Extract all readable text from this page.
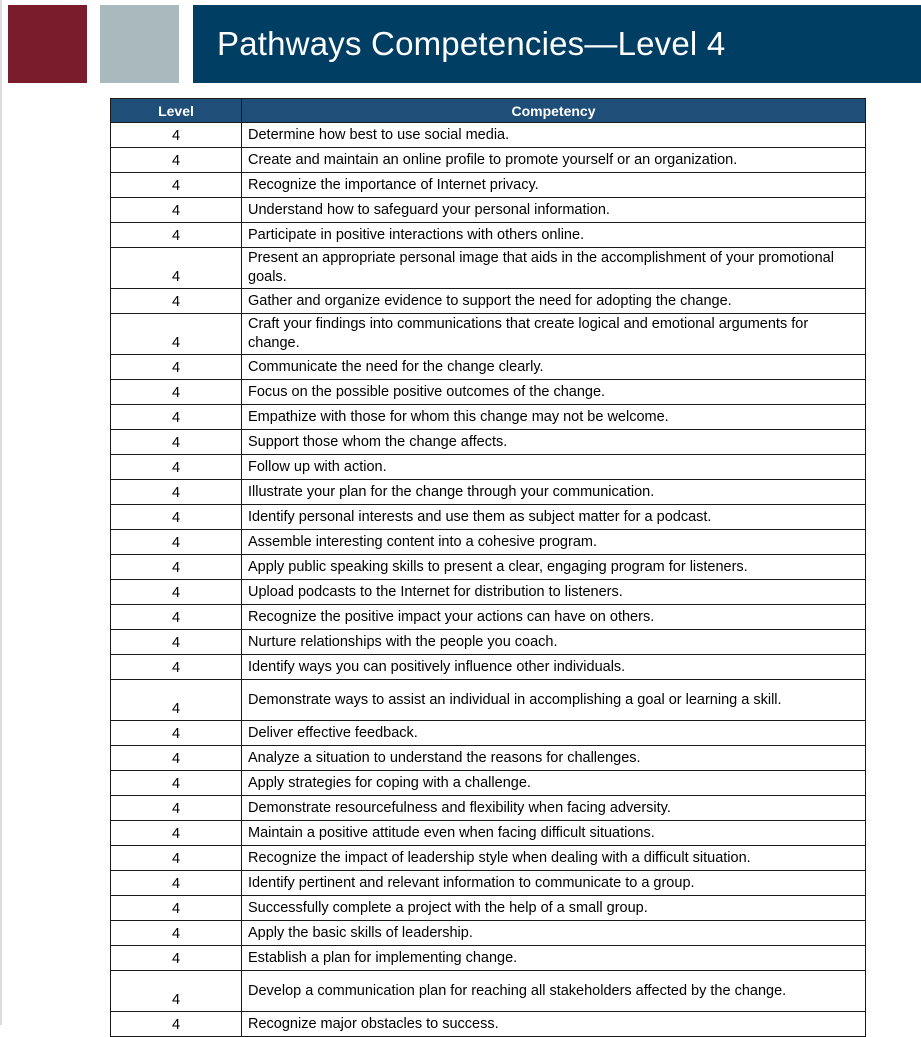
Pathways Competencies—Level 4
Level	Competency
4	Determine how best to use social media.
4	Create and maintain an online profile to promote yourself or an organization.
4	Recognize the importance of Internet privacy.
4	Understand how to safeguard your personal information.
4	Participate in positive interactions with others online.
4	Present an appropriate personal image that aids in the accomplishment of your promotional goals.
4	Gather and organize evidence to support the need for adopting the change.
4	Craft your findings into communications that create logical and emotional arguments for change.
4	Communicate the need for the change clearly.
4	Focus on the possible positive outcomes of the change.
4	Empathize with those for whom this change may not be welcome.
4	Support those whom the change affects.
4	Follow up with action.
4	Illustrate your plan for the change through your communication.
4	Identify personal interests and use them as subject matter for a podcast.
4	Assemble interesting content into a cohesive program.
4	Apply public speaking skills to present a clear, engaging program for listeners.
4	Upload podcasts to the Internet for distribution to listeners.
4	Recognize the positive impact your actions can have on others.
4	Nurture relationships with the people you coach.
4	Identify ways you can positively influence other individuals.
4	Demonstrate ways to assist an individual in accomplishing a goal or learning a skill.
4	Deliver effective feedback.
4	Analyze a situation to understand the reasons for challenges.
4	Apply strategies for coping with a challenge.
4	Demonstrate resourcefulness and flexibility when facing adversity.
4	Maintain a positive attitude even when facing difficult situations.
4	Recognize the impact of leadership style when dealing with a difficult situation.
4	Identify pertinent and relevant information to communicate to a group.
4	Successfully complete a project with the help of a small group.
4	Apply the basic skills of leadership.
4	Establish a plan for implementing change.
4	Develop a communication plan for reaching all stakeholders affected by the change.
4	Recognize major obstacles to success.
